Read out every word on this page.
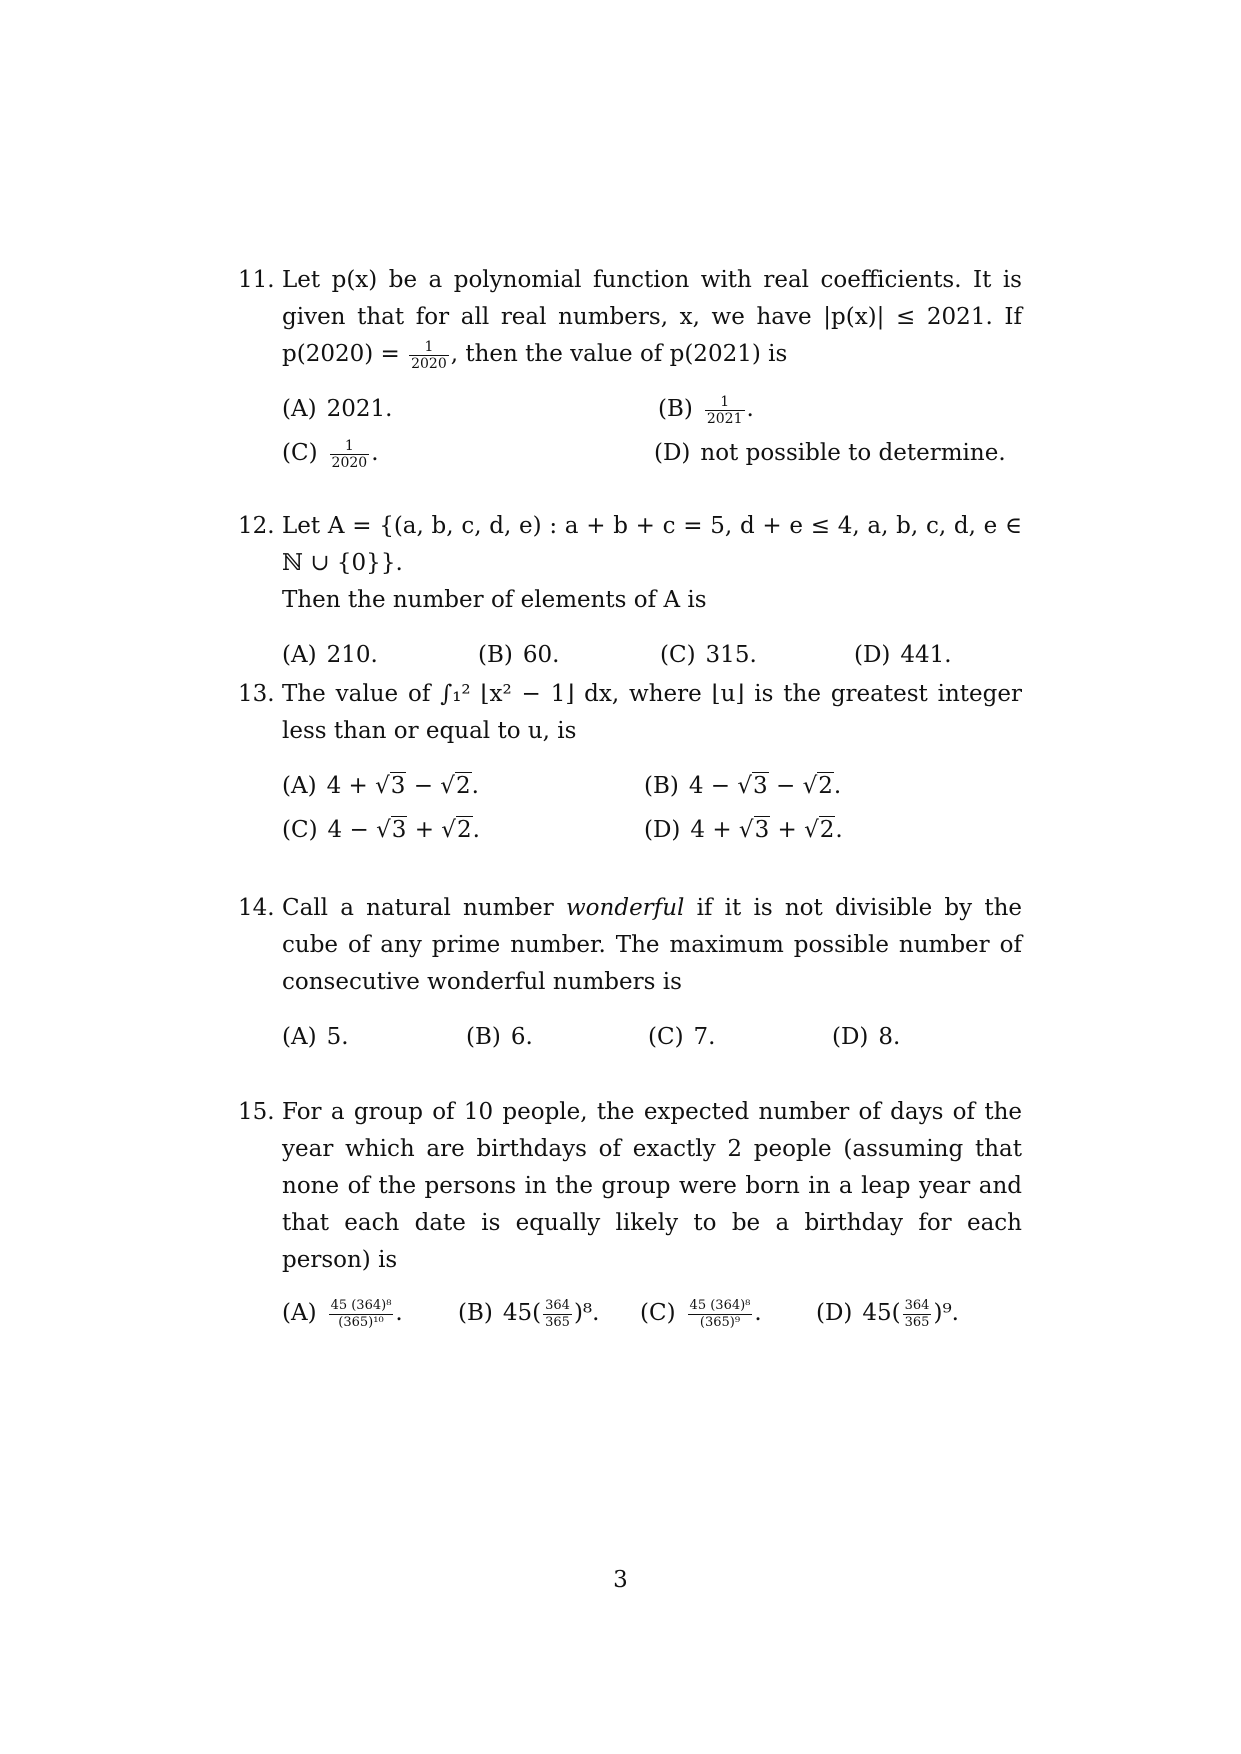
11. Let p(x) be a polynomial function with real coefficients. It is given that for all real numbers, x, we have |p(x)| ≤ 2021. If $p(2020) = \frac{1}{2020}$ , then the value of p(2021) is
(A) 2021.	$(B) \frac{1}{2021}$ .
$(C) \frac{1}{2020}$ .	(D) not possible to determine.
12. Let A = {(a, b, c, d, e) : a + b + c = 5, d + e ≤ 4, a, b, c, d, e ∈ ℕ ∪ {0}}.
Then the number of elements of A is
(A) 210.	(B) 60.	(C) 315.	(D) 441.
13. The value of ∫₁² ⌊x² − 1⌋ dx, where ⌊u⌋ is the greatest integer less than or equal to u, is
(A) 4 + √3 − √2.	(B) 4 − √3 − √2.
(C) 4 − √3 + √2.	(D) 4 + √3 + √2.
14. Call a natural number wonderful if it is not divisible by the cube of any prime number. The maximum possible number of consecutive wonderful numbers is
(A) 5.	(B) 6.	(C) 7.	(D) 8.
15. For a group of 10 people, the expected number of days of the year which are birthdays of exactly 2 people (assuming that none of the persons in the group were born in a leap year and that each date is equally likely to be a birthday for each person) is
$(A) \frac{\text{45 (364)⁸}}{\text{(365)¹⁰}}$ . (B) $45( \frac{364}{365} )^8$. $(C) \frac{\text{45 (364)⁸}}{\text{(365)⁹}}$ . (D) $45( \frac{364}{365} )^9$.
3
